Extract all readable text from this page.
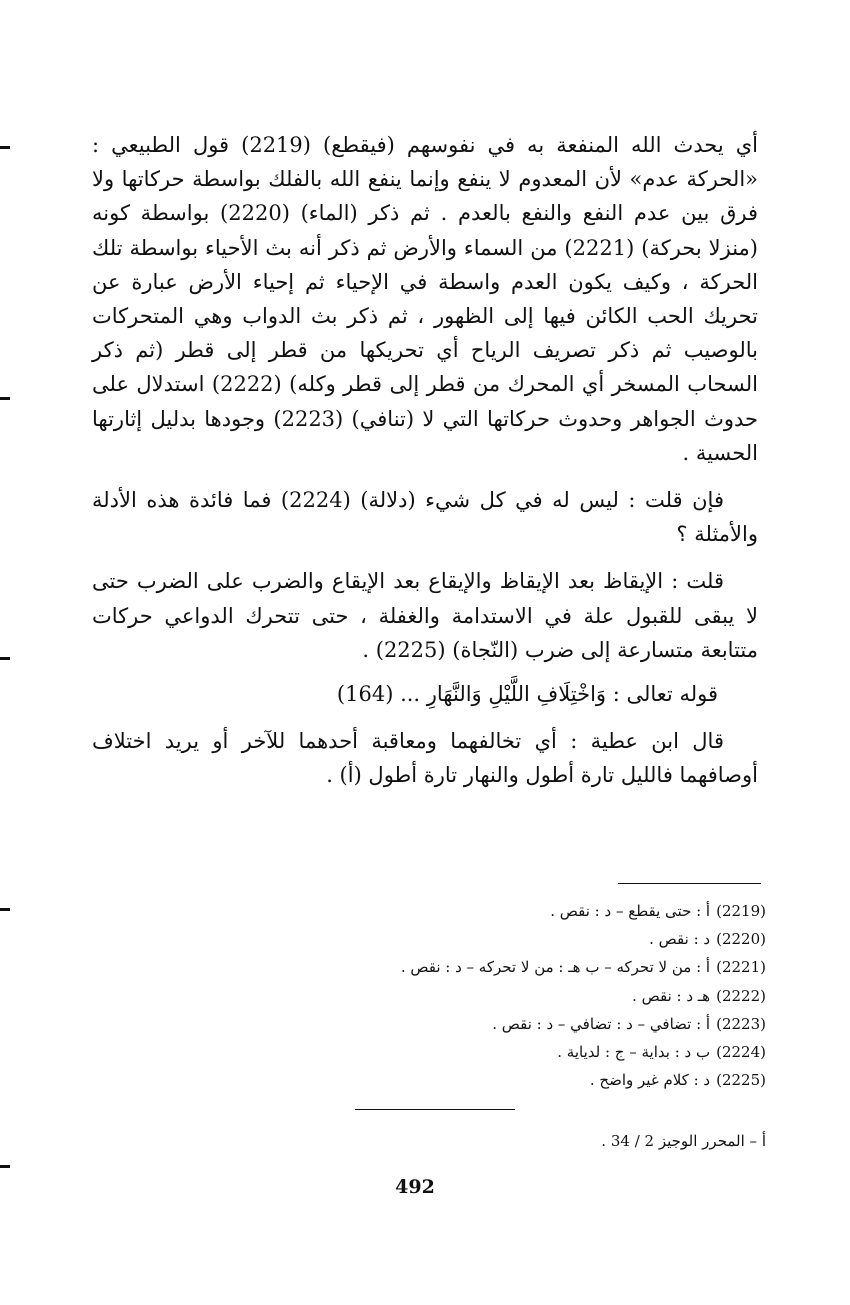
أي يحدث الله المنفعة به في نفوسهم (فيقطع) (2219) قول الطبيعي : «الحركة عدم» لأن المعدوم لا ينفع وإنما ينفع الله بالفلك بواسطة حركاتها ولا فرق بين عدم النفع والنفع بالعدم . ثم ذكر (الماء) (2220) بواسطة كونه (منزلا بحركة) (2221) من السماء والأرض ثم ذكر أنه بث الأحياء بواسطة تلك الحركة ، وكيف يكون العدم واسطة في الإحياء ثم إحياء الأرض عبارة عن تحريك الحب الكائن فيها إلى الظهور ، ثم ذكر بث الدواب وهي المتحركات بالوصيب ثم ذكر تصريف الرياح أي تحريكها من قطر إلى قطر (ثم ذكر السحاب المسخر أي المحرك من قطر إلى قطر وكله) (2222) استدلال على حدوث الجواهر وحدوث حركاتها التي لا (تنافي) (2223) وجودها بدليل إثارتها الحسية .

فإن قلت : ليس له في كل شيء (دلالة) (2224) فما فائدة هذه الأدلة والأمثلة ؟

قلت : الإيقاظ بعد الإيقاظ والإيقاع بعد الإيقاع والضرب على الضرب حتى لا يبقى للقبول علة في الاستدامة والغفلة ، حتى تتحرك الدواعي حركات متتابعة متسارعة إلى ضرب (النّجاة) (2225) .

قوله تعالى : وَاخْتِلَافِ اللَّيْلِ وَالنَّهَارِ ... (164)

قال ابن عطية : أي تخالفهما ومعاقبة أحدهما للآخر أو يريد اختلاف أوصافهما فالليل تارة أطول والنهار تارة أطول (أ) .

(2219)أ : حتى يقطع – د : نقص .
(2220)د : نقص .
(2221)أ : من لا تحركه – ب هـ : من لا تحركه – د : نقص .
(2222)هـ د : نقص .
(2223)أ : تضافي – د : تضافي – د : نقص .
(2224)ب د : بداية – ج : لدياية .
(2225)د : كلام غير واضح .

أ – المحرر الوجيز 2 / 34 .

492
